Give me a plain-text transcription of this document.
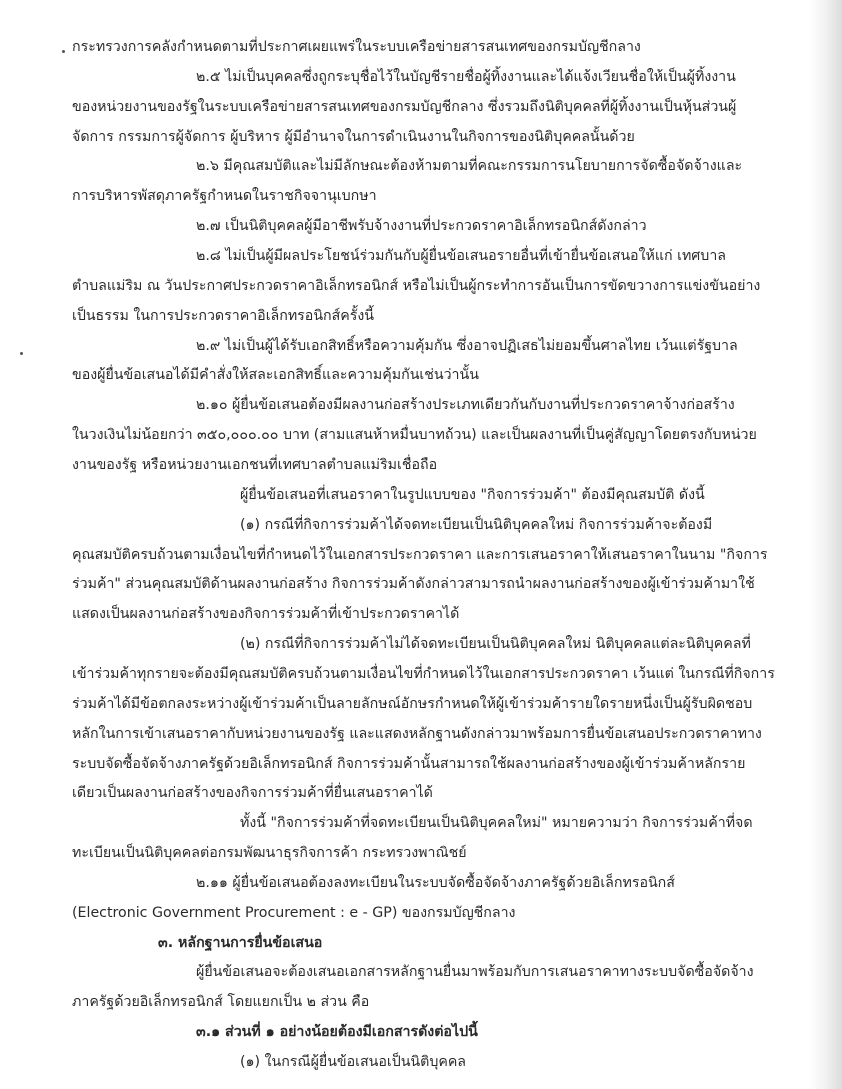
กระทรวงการคลังกำหนดตามที่ประกาศเผยแพร่ในระบบเครือข่ายสารสนเทศของกรมบัญชีกลาง
๒.๕ ไม่เป็นบุคคลซึ่งถูกระบุชื่อไว้ในบัญชีรายชื่อผู้ทิ้งงานและได้แจ้งเวียนชื่อให้เป็นผู้ทิ้งงาน
ของหน่วยงานของรัฐในระบบเครือข่ายสารสนเทศของกรมบัญชีกลาง ซึ่งรวมถึงนิติบุคคลที่ผู้ทิ้งงานเป็นหุ้นส่วนผู้
จัดการ กรรมการผู้จัดการ ผู้บริหาร ผู้มีอำนาจในการดำเนินงานในกิจการของนิติบุคคลนั้นด้วย
๒.๖ มีคุณสมบัติและไม่มีลักษณะต้องห้ามตามที่คณะกรรมการนโยบายการจัดซื้อจัดจ้างและ
การบริหารพัสดุภาครัฐกำหนดในราชกิจจานุเบกษา
๒.๗ เป็นนิติบุคคลผู้มีอาชีพรับจ้างงานที่ประกวดราคาอิเล็กทรอนิกส์ดังกล่าว
๒.๘ ไม่เป็นผู้มีผลประโยชน์ร่วมกันกับผู้ยื่นข้อเสนอรายอื่นที่เข้ายื่นข้อเสนอให้แก่ เทศบาล
ตำบลแม่ริม ณ วันประกาศประกวดราคาอิเล็กทรอนิกส์ หรือไม่เป็นผู้กระทำการอันเป็นการขัดขวางการแข่งขันอย่าง
เป็นธรรม ในการประกวดราคาอิเล็กทรอนิกส์ครั้งนี้
๒.๙ ไม่เป็นผู้ได้รับเอกสิทธิ์หรือความคุ้มกัน ซึ่งอาจปฏิเสธไม่ยอมขึ้นศาลไทย เว้นแต่รัฐบาล
ของผู้ยื่นข้อเสนอได้มีคำสั่งให้สละเอกสิทธิ์และความคุ้มกันเช่นว่านั้น
๒.๑๐ ผู้ยื่นข้อเสนอต้องมีผลงานก่อสร้างประเภทเดียวกันกับงานที่ประกวดราคาจ้างก่อสร้าง
ในวงเงินไม่น้อยกว่า ๓๕๐,๐๐๐.๐๐ บาท (สามแสนห้าหมื่นบาทถ้วน) และเป็นผลงานที่เป็นคู่สัญญาโดยตรงกับหน่วย
งานของรัฐ หรือหน่วยงานเอกชนที่เทศบาลตำบลแม่ริมเชื่อถือ
ผู้ยื่นข้อเสนอที่เสนอราคาในรูปแบบของ "กิจการร่วมค้า" ต้องมีคุณสมบัติ ดังนี้
(๑) กรณีที่กิจการร่วมค้าได้จดทะเบียนเป็นนิติบุคคลใหม่ กิจการร่วมค้าจะต้องมี
คุณสมบัติครบถ้วนตามเงื่อนไขที่กำหนดไว้ในเอกสารประกวดราคา และการเสนอราคาให้เสนอราคาในนาม "กิจการ
ร่วมค้า" ส่วนคุณสมบัติด้านผลงานก่อสร้าง กิจการร่วมค้าดังกล่าวสามารถนำผลงานก่อสร้างของผู้เข้าร่วมค้ามาใช้
แสดงเป็นผลงานก่อสร้างของกิจการร่วมค้าที่เข้าประกวดราคาได้
(๒) กรณีที่กิจการร่วมค้าไม่ได้จดทะเบียนเป็นนิติบุคคลใหม่ นิติบุคคลแต่ละนิติบุคคลที่
เข้าร่วมค้าทุกรายจะต้องมีคุณสมบัติครบถ้วนตามเงื่อนไขที่กำหนดไว้ในเอกสารประกวดราคา เว้นแต่ ในกรณีที่กิจการ
ร่วมค้าได้มีข้อตกลงระหว่างผู้เข้าร่วมค้าเป็นลายลักษณ์อักษรกำหนดให้ผู้เข้าร่วมค้ารายใดรายหนึ่งเป็นผู้รับผิดชอบ
หลักในการเข้าเสนอราคากับหน่วยงานของรัฐ และแสดงหลักฐานดังกล่าวมาพร้อมการยื่นข้อเสนอประกวดราคาทาง
ระบบจัดซื้อจัดจ้างภาครัฐด้วยอิเล็กทรอนิกส์ กิจการร่วมค้านั้นสามารถใช้ผลงานก่อสร้างของผู้เข้าร่วมค้าหลักราย
เดียวเป็นผลงานก่อสร้างของกิจการร่วมค้าที่ยื่นเสนอราคาได้
ทั้งนี้ "กิจการร่วมค้าที่จดทะเบียนเป็นนิติบุคคลใหม่" หมายความว่า กิจการร่วมค้าที่จด
ทะเบียนเป็นนิติบุคคลต่อกรมพัฒนาธุรกิจการค้า กระทรวงพาณิชย์
๒.๑๑ ผู้ยื่นข้อเสนอต้องลงทะเบียนในระบบจัดซื้อจัดจ้างภาครัฐด้วยอิเล็กทรอนิกส์
(Electronic Government Procurement : e - GP) ของกรมบัญชีกลาง
๓. หลักฐานการยื่นข้อเสนอ
ผู้ยื่นข้อเสนอจะต้องเสนอเอกสารหลักฐานยื่นมาพร้อมกับการเสนอราคาทางระบบจัดซื้อจัดจ้าง
ภาครัฐด้วยอิเล็กทรอนิกส์ โดยแยกเป็น ๒ ส่วน คือ
๓.๑ ส่วนที่ ๑ อย่างน้อยต้องมีเอกสารดังต่อไปนี้
(๑) ในกรณีผู้ยื่นข้อเสนอเป็นนิติบุคคล
